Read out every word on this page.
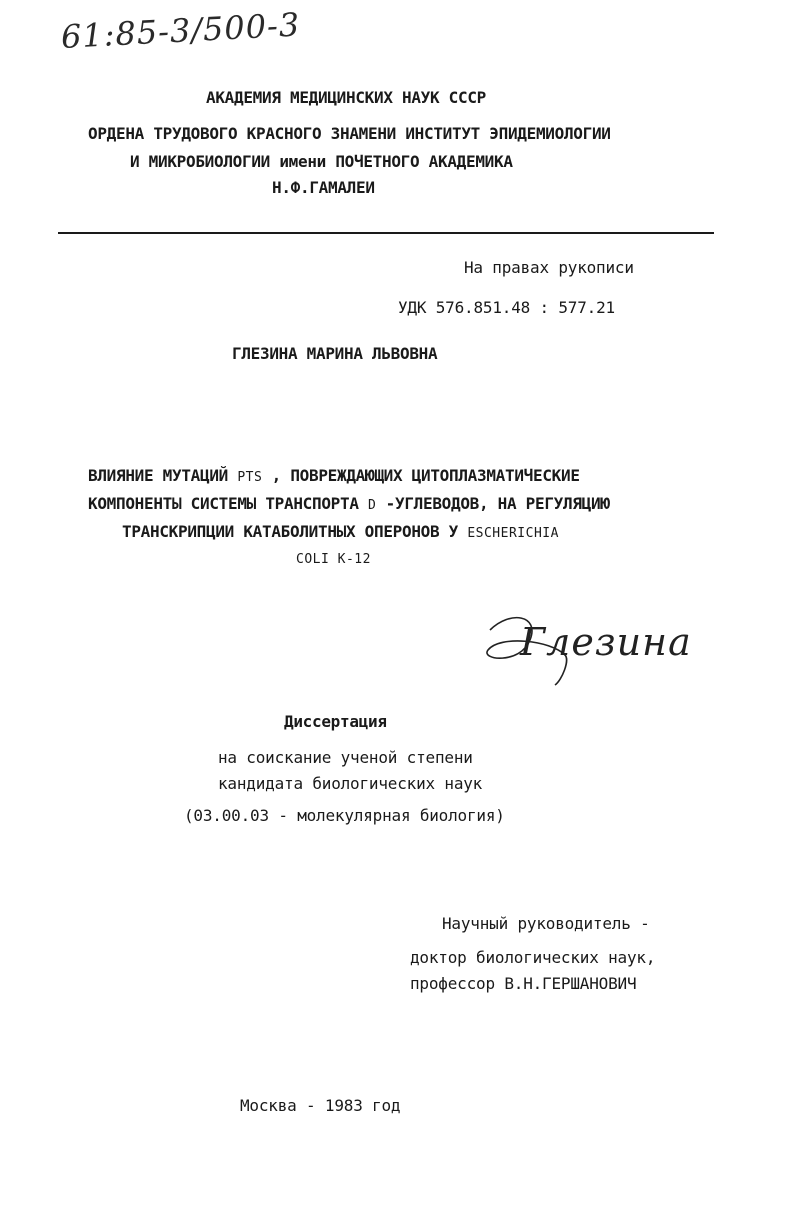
61:85-3/500-3
АКАДЕМИЯ МЕДИЦИНСКИХ НАУК СССР
ОРДЕНА ТРУДОВОГО КРАСНОГО ЗНАМЕНИ ИНСТИТУТ ЭПИДЕМИОЛОГИИ
И МИКРОБИОЛОГИИ имени ПОЧЕТНОГО АКАДЕМИКА
Н.Ф.ГАМАЛЕИ
На правах рукописи
УДК 576.851.48 : 577.21
ГЛЕЗИНА МАРИНА ЛЬВОВНА
ВЛИЯНИЕ МУТАЦИЙ PTS , ПОВРЕЖДАЮЩИХ ЦИТОПЛАЗМАТИЧЕСКИЕ
КОМПОНЕНТЫ СИСТЕМЫ ТРАНСПОРТА D -УГЛЕВОДОВ, НА РЕГУЛЯЦИЮ
ТРАНСКРИПЦИИ КАТАБОЛИТНЫХ ОПЕРОНОВ У ESCHERICHIA
COLI K-12
Глезина
Диссертация
на соискание ученой степени
кандидата биологических наук
(03.00.03 - молекулярная биология)
Научный руководитель -
доктор биологических наук,
профессор В.Н.ГЕРШАНОВИЧ
Москва - 1983 год
